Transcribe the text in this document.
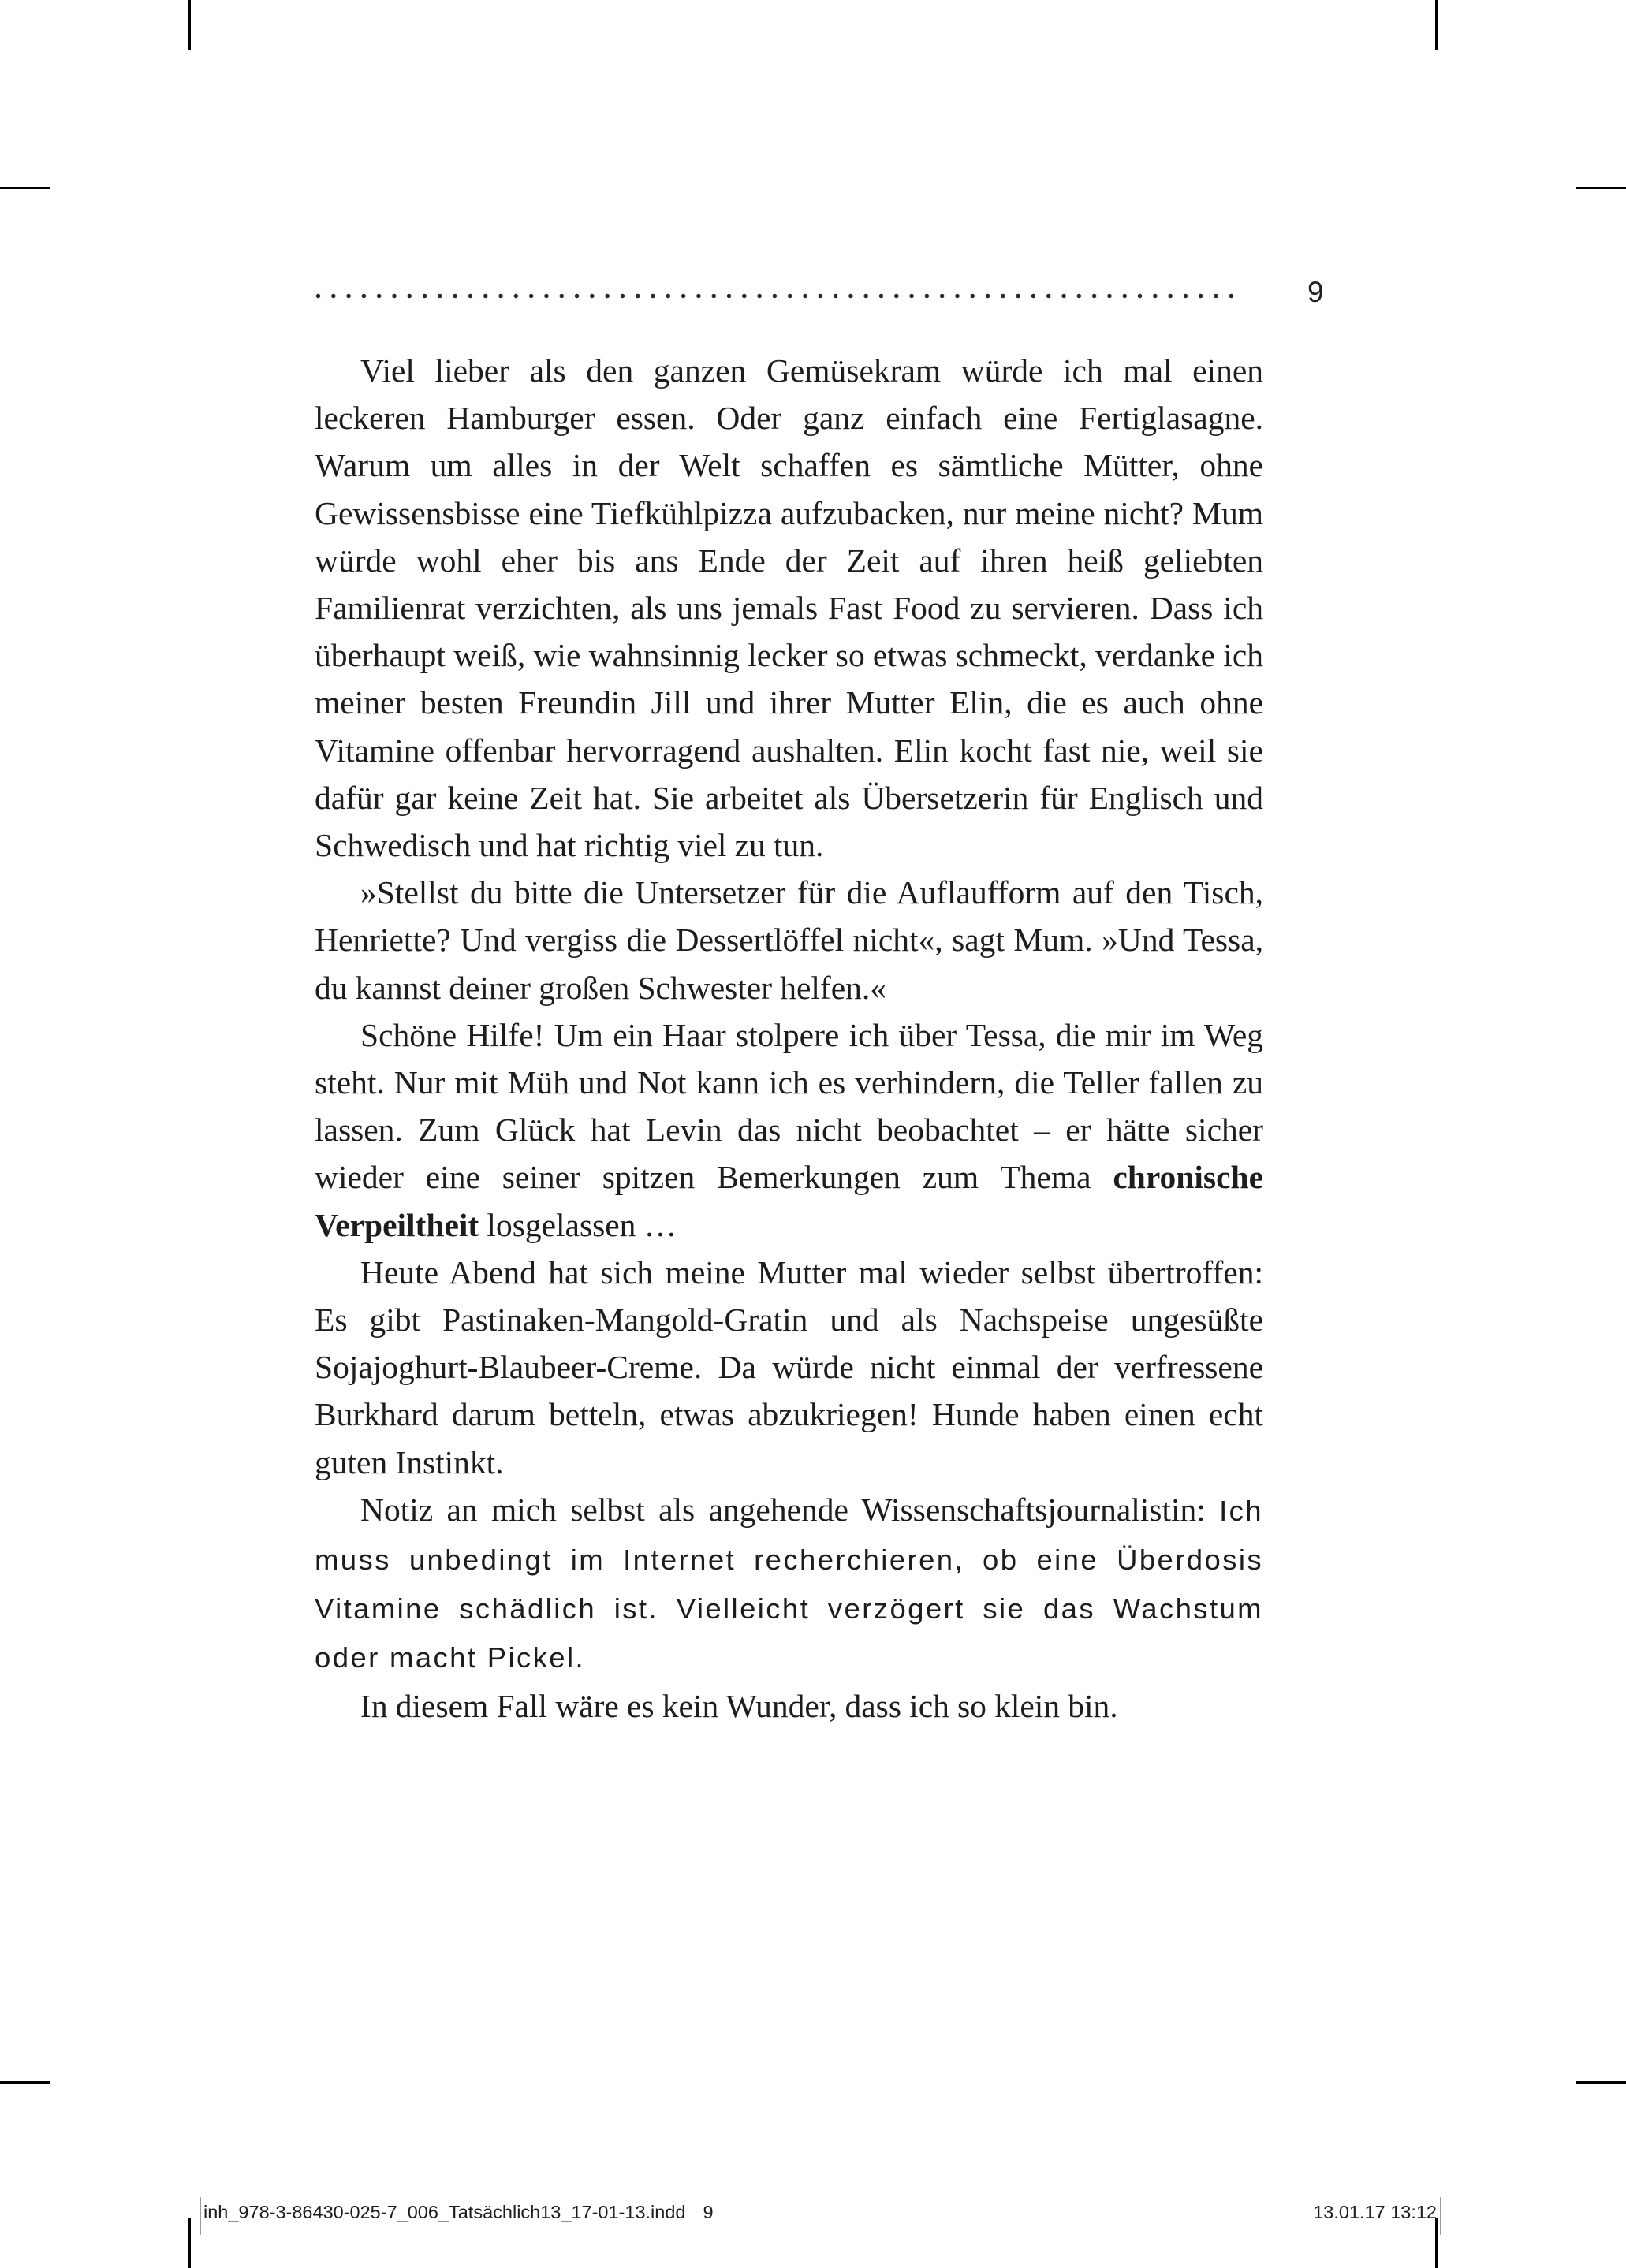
9

Viel lieber als den ganzen Gemüsekram würde ich mal einen leckeren Hamburger essen. Oder ganz einfach eine Fertiglasagne. Warum um alles in der Welt schaffen es sämtliche Mütter, ohne Gewissensbisse eine Tiefkühlpizza aufzubacken, nur meine nicht? Mum würde wohl eher bis ans Ende der Zeit auf ihren heiß geliebten Familienrat verzichten, als uns jemals Fast Food zu servieren. Dass ich überhaupt weiß, wie wahnsinnig lecker so etwas schmeckt, verdanke ich meiner besten Freundin Jill und ihrer Mutter Elin, die es auch ohne Vitamine offenbar hervorragend aushalten. Elin kocht fast nie, weil sie dafür gar keine Zeit hat. Sie arbeitet als Übersetzerin für Englisch und Schwedisch und hat richtig viel zu tun.

»Stellst du bitte die Untersetzer für die Auflaufform auf den Tisch, Henriette? Und vergiss die Dessertlöffel nicht«, sagt Mum. »Und Tessa, du kannst deiner großen Schwester helfen.«

Schöne Hilfe! Um ein Haar stolpere ich über Tessa, die mir im Weg steht. Nur mit Müh und Not kann ich es verhindern, die Teller fallen zu lassen. Zum Glück hat Levin das nicht beobachtet – er hätte sicher wieder eine seiner spitzen Bemerkungen zum Thema chronische Verpeiltheit losgelassen …

Heute Abend hat sich meine Mutter mal wieder selbst übertroffen: Es gibt Pastinaken-Mangold-Gratin und als Nachspeise ungesüßte Sojajoghurt-Blaubeer-Creme. Da würde nicht einmal der verfressene Burkhard darum betteln, etwas abzukriegen! Hunde haben einen echt guten Instinkt.

Notiz an mich selbst als angehende Wissenschaftsjournalistin: Ich muss unbedingt im Internet recherchieren, ob eine Überdosis Vitamine schädlich ist. Vielleicht verzögert sie das Wachstum oder macht Pickel.

In diesem Fall wäre es kein Wunder, dass ich so klein bin.

inh_978-3-86430-025-7_006_Tatsächlich13_17-01-13.indd 9	13.01.17 13:12
